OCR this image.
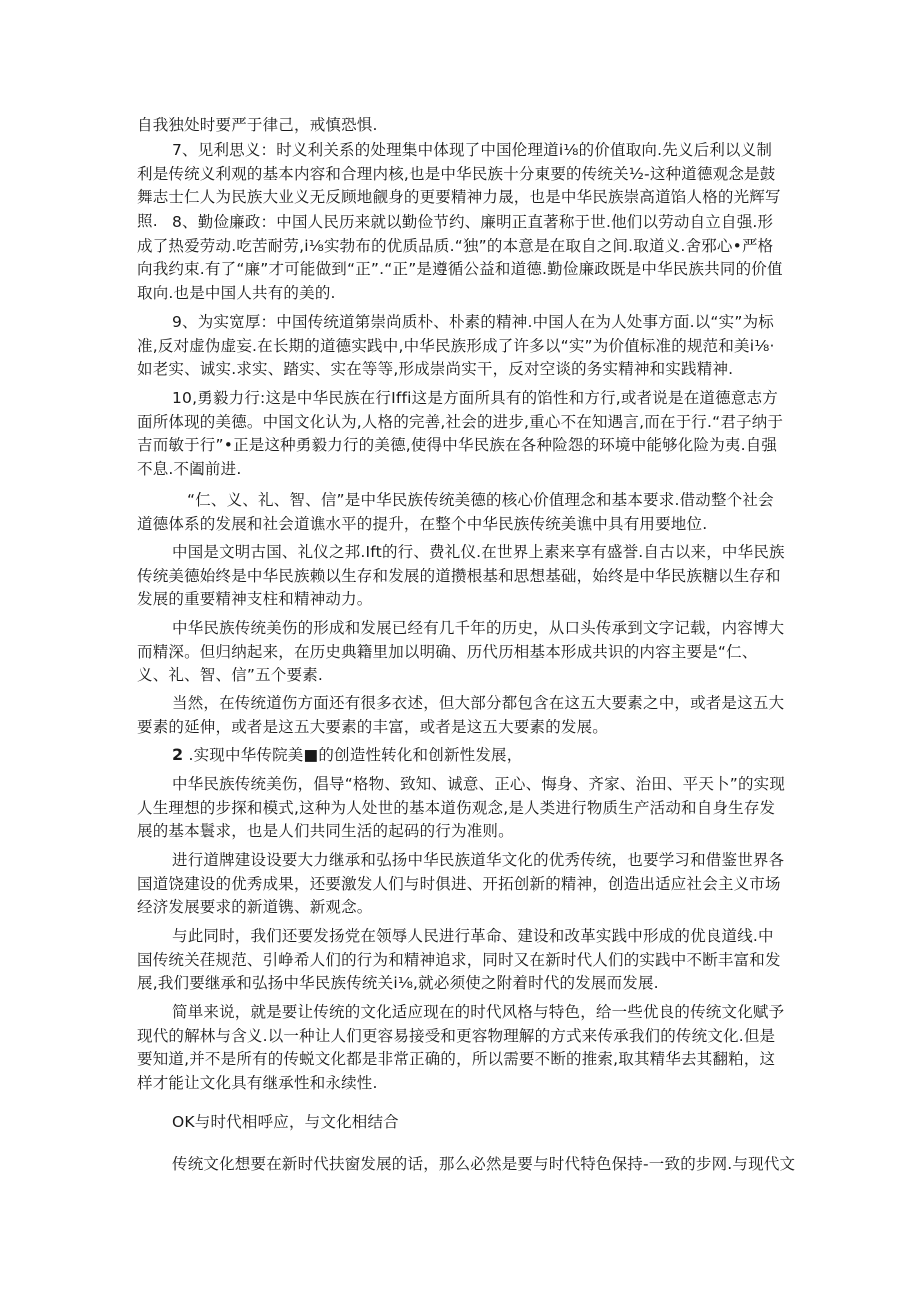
自我独处时要严于律己，戒慎恐惧.

7、见利思义：时义利关系的处理集中体现了中国伦理道i⅛的价值取向.先义后利以义制利是传统义利观的基本内容和合理内核,也是中华民族十分東要的传统关½-这种道德观念是鼓舞志士仁人为民族大业义无反顾地觎身的更要精神力晟，也是中华民族崇高道馅人格的光辉写照. 8、勤俭廉政：中国人民历来就以勤俭节约、廉明正直著称于世.他们以劳动自立自强.形成了热爱劳动.吃苦耐劳,i⅛实勃布的优质品质.“独”的本意是在取自之间.取道义.舍邪心•严格向我约束.有了“廉”才可能做到“正”.“正”是遵循公益和道德.勤俭廉政既是中华民族共同的价值取向.也是中国人共有的美的.

9、为实宽厚：中国传统道第崇尚质朴、朴素的精神.中国人在为人处事方面.以“实”为标准,反对虚伪虚妄.在长期的道德实践中,中华民族形成了许多以“实”为价值标准的规范和美i⅛·如老实、诚实.求实、踏实、实在等等,形成崇尚实干，反对空谈的务实精神和实践精神.

10,勇毅力行:这是中华民族在行Iffi这是方面所具有的馅性和方行,或者说是在道德意志方面所体现的美德。中国文化认为,人格的完善,社会的进步,重心不在知遇言,而在于行.“君子纳于吉而敏于行”•正是这种勇毅力行的美德,使得中华民族在各种险怨的环境中能够化险为夷.自强不息.不阖前进.

“仁、义、礼、智、信”是中华民族传统美德的核心价值理念和基本要求.借动整个社会道德体系的发展和社会道谯水平的提升，在整个中华民族传统美谯中具有用要地位.

中国是文明古国、礼仪之邦.Ift的行、费礼仪.在世界上素来享有盛誉.自古以来，中华民族传统美德始终是中华民族赖以生存和发展的道攒根基和思想基础，始终是中华民族糖以生存和发展的重要精神支柱和精神动力。

中华民族传统美伤的形成和发展已经有几千年的历史，从口头传承到文字记载，内容博大而精深。但归纳起来，在历史典籍里加以明确、历代历相基本形成共识的内容主要是“仁、义、礼、智、信”五个要素.

当然，在传统道伤方面还有很多衣述，但大部分都包含在这五大要素之中，或者是这五大要素的延伸，或者是这五大要素的丰富，或者是这五大要素的发展。

2 .实现中华传院美■的创造性转化和创新性发展，

中华民族传统美伤，倡导“格物、致知、诚意、正心、悔身、齐家、治田、平天卜”的实现人生理想的步探和模式,这种为人处世的基本道伤观念,是人类进行物质生产活动和自身生存发展的基本鬟求，也是人们共同生活的起码的行为准则。

进行道牌建设设要大力继承和弘扬中华民族道华文化的优秀传统，也要学习和借鉴世界各国道饶建设的优秀成果，还要激发人们与时俱进、开拓创新的精神，创造出适应社会主义市场经济发展要求的新道镌、新观念。

与此同时，我们还要发扬党在领辱人民进行革命、建设和改革实践中形成的优良道线.中国传统关荏规范、引峥希人们的行为和精神追求，同时又在新时代人们的实践中不断丰富和发展,我们要继承和弘扬中华民族传统关i⅛,就必须使之附着时代的发展而发展.

简単来说，就是要让传统的文化适应现在的时代风格与特色，给一些优良的传统文化赋予现代的解林与含义.以一种让人们更容易接受和更容物理解的方式来传承我们的传统文化.但是要知道,并不是所有的传蜕文化都是非常正确的，所以需要不断的推索,取其精华去其翻粕，这样才能让文化具有继承性和永续性.

OK与时代相呼应，与文化相结合

传统文化想要在新时代扶窗发展的话，那么必然是要与时代特色保持-一致的步网.与现代文
